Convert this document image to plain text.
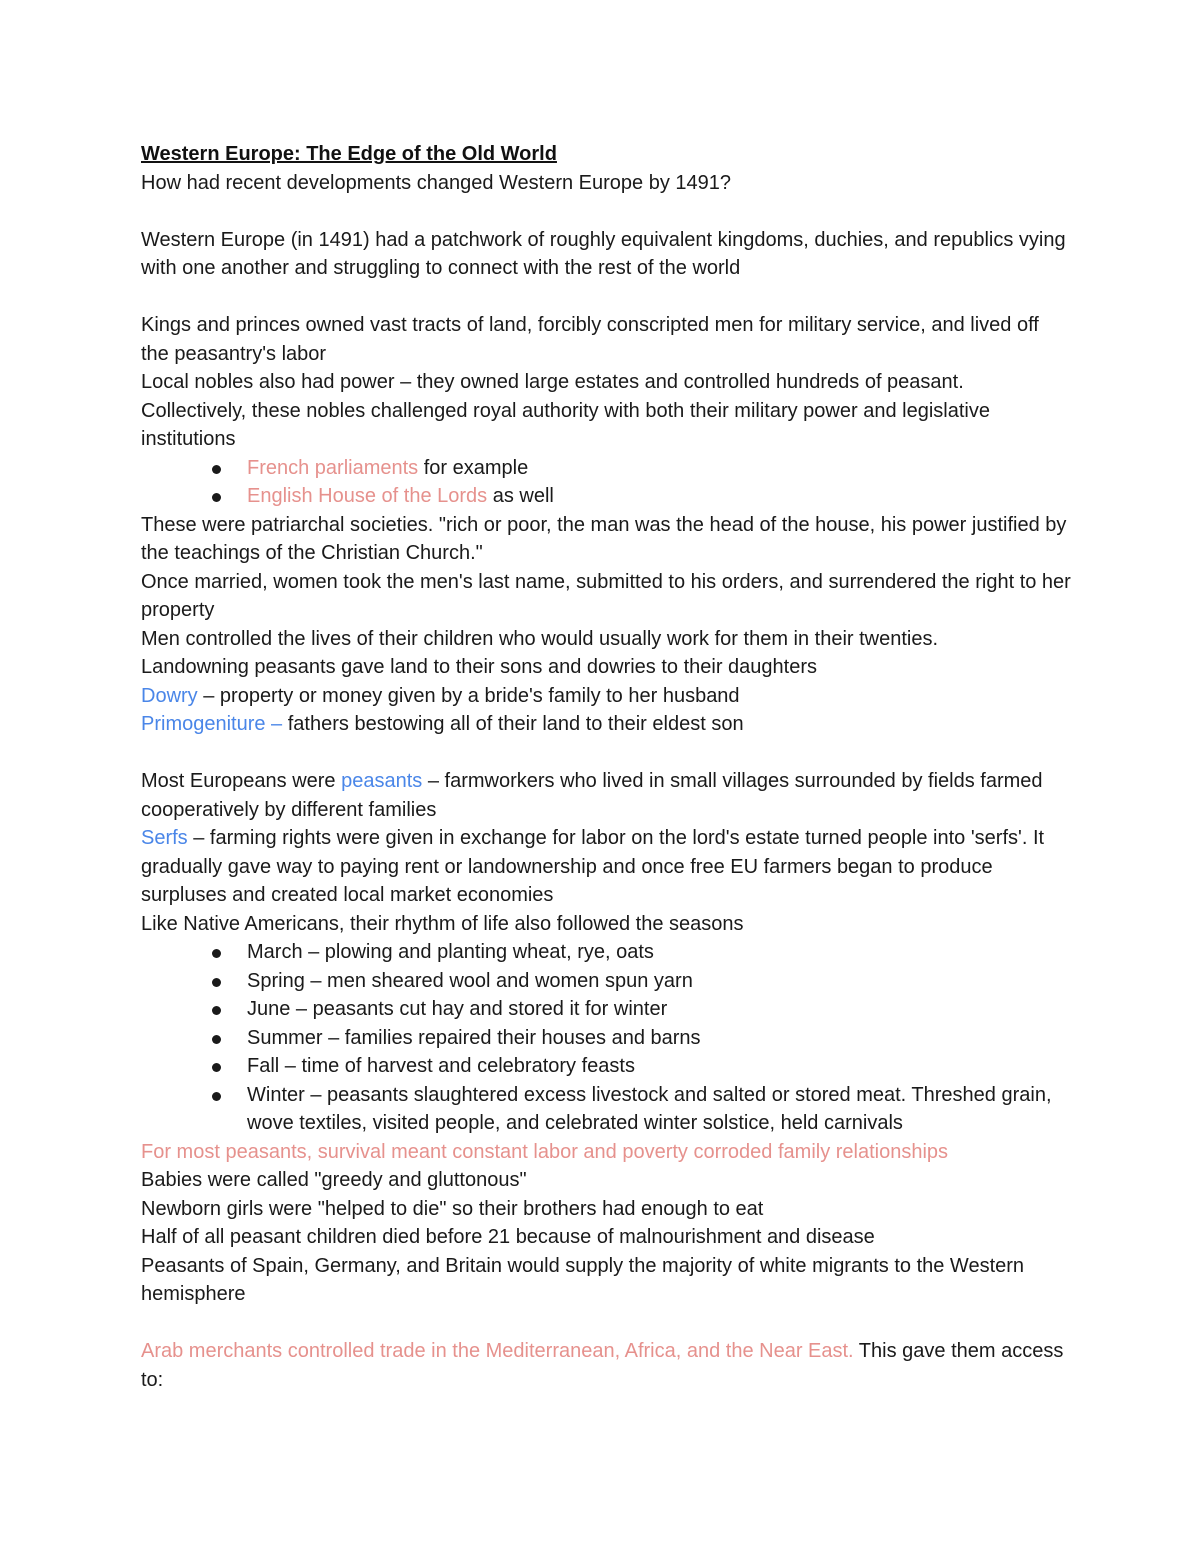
Western Europe: The Edge of the Old World
How had recent developments changed Western Europe by 1491?
Western Europe (in 1491) had a patchwork of roughly equivalent kingdoms, duchies, and republics vying with one another and struggling to connect with the rest of the world
Kings and princes owned vast tracts of land, forcibly conscripted men for military service, and lived off the peasantry's labor
Local nobles also had power – they owned large estates and controlled hundreds of peasant. Collectively, these nobles challenged royal authority with both their military power and legislative institutions
French parliaments for example
English House of the Lords as well
These were patriarchal societies. "rich or poor, the man was the head of the house, his power justified by the teachings of the Christian Church."
Once married, women took the men's last name, submitted to his orders, and surrendered the right to her property
Men controlled the lives of their children who would usually work for them in their twenties.
Landowning peasants gave land to their sons and dowries to their daughters
Dowry – property or money given by a bride's family to her husband
Primogeniture – fathers bestowing all of their land to their eldest son
Most Europeans were peasants – farmworkers who lived in small villages surrounded by fields farmed cooperatively by different families
Serfs – farming rights were given in exchange for labor on the lord's estate turned people into 'serfs'. It gradually gave way to paying rent or landownership and once free EU farmers began to produce surpluses and created local market economies
Like Native Americans, their rhythm of life also followed the seasons
March – plowing and planting wheat, rye, oats
Spring – men sheared wool and women spun yarn
June – peasants cut hay and stored it for winter
Summer – families repaired their houses and barns
Fall – time of harvest and celebratory feasts
Winter – peasants slaughtered excess livestock and salted or stored meat. Threshed grain, wove textiles, visited people, and celebrated winter solstice, held carnivals
For most peasants, survival meant constant labor and poverty corroded family relationships
Babies were called "greedy and gluttonous"
Newborn girls were "helped to die" so their brothers had enough to eat
Half of all peasant children died before 21 because of malnourishment and disease
Peasants of Spain, Germany, and Britain would supply the majority of white migrants to the Western hemisphere
Arab merchants controlled trade in the Mediterranean, Africa, and the Near East. This gave them access to:
